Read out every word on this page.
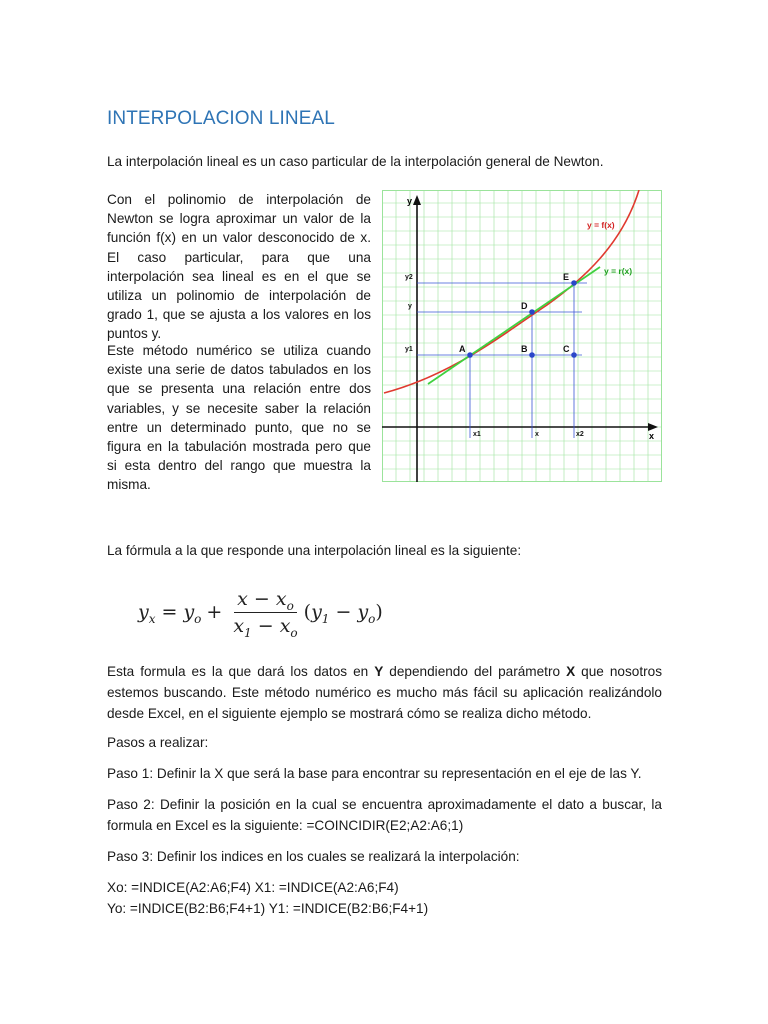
INTERPOLACION LINEAL
La interpolación lineal es un caso particular de la interpolación general de Newton.
Con el polinomio de interpolación de Newton se logra aproximar un valor de la función f(x) en un valor desconocido de x. El caso particular, para que una interpolación sea lineal es en el que se utiliza un polinomio de interpolación de grado 1, que se ajusta a los valores en los puntos y.
Este método numérico se utiliza cuando existe una serie de datos tabulados en los que se presenta una relación entre dos variables, y se necesite saber la relación entre un determinado punto, que no se figura en la tabulación mostrada pero que si esta dentro del rango que muestra la misma.
y
x
A	B	C
D
E
y2
y
y1
x1	x	x2
y = f(x)
y = r(x)
La fórmula a la que responde una interpolación lineal es la siguiente:
$y_x = y_o + \frac{x - x_o}{x_1 - x_o} (y_1 - y_o)$
Esta formula es la que dará los datos en Y dependiendo del parámetro X que nosotros estemos buscando. Este método numérico es mucho más fácil su aplicación realizándolo desde Excel, en el siguiente ejemplo se mostrará cómo se realiza dicho método.
Pasos a realizar:
Paso 1: Definir la X que será la base para encontrar su representación en el eje de las Y.
Paso 2: Definir la posición en la cual se encuentra aproximadamente el dato a buscar, la formula en Excel es la siguiente: =COINCIDIR(E2;A2:A6;1)
Paso 3: Definir los indices en los cuales se realizará la interpolación:
Xo: =INDICE(A2:A6;F4) X1: =INDICE(A2:A6;F4)
Yo: =INDICE(B2:B6;F4+1) Y1: =INDICE(B2:B6;F4+1)
